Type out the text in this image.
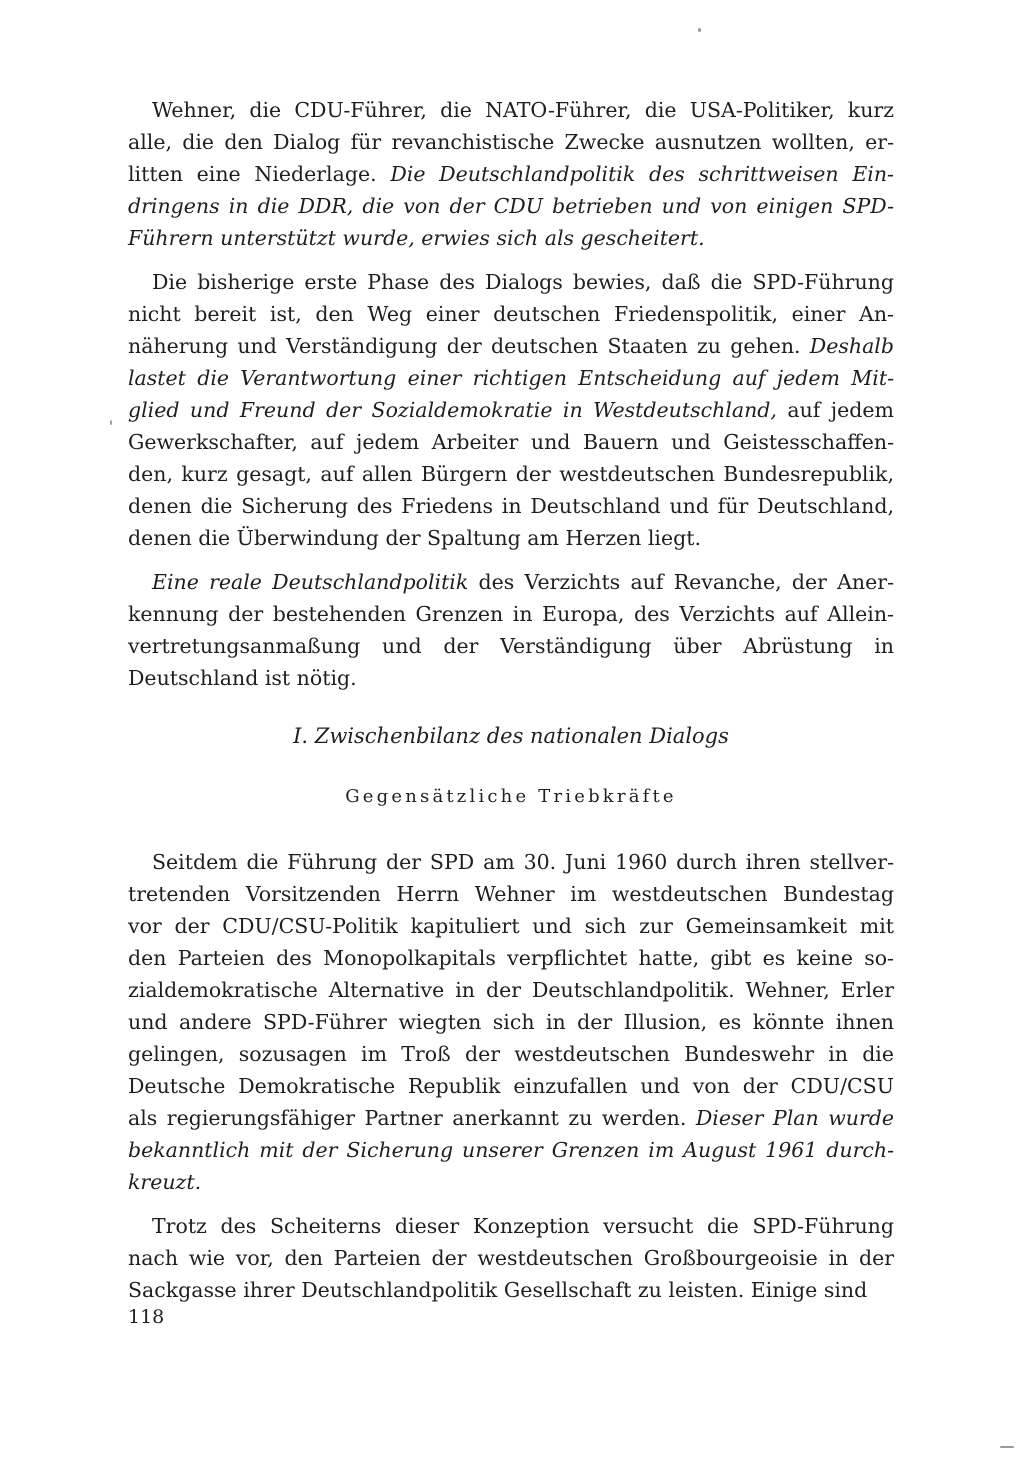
Wehner, die CDU-Führer, die NATO-Führer, die USA-Politiker, kurz
alle, die den Dialog für revanchistische Zwecke ausnutzen wollten, er-
litten eine Niederlage. Die Deutschlandpolitik des schrittweisen Ein-
dringens in die DDR, die von der CDU betrieben und von einigen SPD-
Führern unterstützt wurde, erwies sich als gescheitert.
Die bisherige erste Phase des Dialogs bewies, daß die SPD-Führung
nicht bereit ist, den Weg einer deutschen Friedenspolitik, einer An-
näherung und Verständigung der deutschen Staaten zu gehen. Deshalb
lastet die Verantwortung einer richtigen Entscheidung auf jedem Mit-
glied und Freund der Sozialdemokratie in Westdeutschland, auf jedem
Gewerkschafter, auf jedem Arbeiter und Bauern und Geistesschaffen-
den, kurz gesagt, auf allen Bürgern der westdeutschen Bundesrepublik,
denen die Sicherung des Friedens in Deutschland und für Deutschland,
denen die Überwindung der Spaltung am Herzen liegt.
Eine reale Deutschlandpolitik des Verzichts auf Revanche, der Aner-
kennung der bestehenden Grenzen in Europa, des Verzichts auf Allein-
vertretungsanmaßung und der Verständigung über Abrüstung in
Deutschland ist nötig.
I. Zwischenbilanz des nationalen Dialogs
Gegensätzliche Triebkräfte
Seitdem die Führung der SPD am 30. Juni 1960 durch ihren stellver-
tretenden Vorsitzenden Herrn Wehner im westdeutschen Bundestag
vor der CDU/CSU-Politik kapituliert und sich zur Gemeinsamkeit mit
den Parteien des Monopolkapitals verpflichtet hatte, gibt es keine so-
zialdemokratische Alternative in der Deutschlandpolitik. Wehner, Erler
und andere SPD-Führer wiegten sich in der Illusion, es könnte ihnen
gelingen, sozusagen im Troß der westdeutschen Bundeswehr in die
Deutsche Demokratische Republik einzufallen und von der CDU/CSU
als regierungsfähiger Partner anerkannt zu werden. Dieser Plan wurde
bekanntlich mit der Sicherung unserer Grenzen im August 1961 durch-
kreuzt.
Trotz des Scheiterns dieser Konzeption versucht die SPD-Führung
nach wie vor, den Parteien der westdeutschen Großbourgeoisie in der
Sackgasse ihrer Deutschlandpolitik Gesellschaft zu leisten. Einige sind
118
